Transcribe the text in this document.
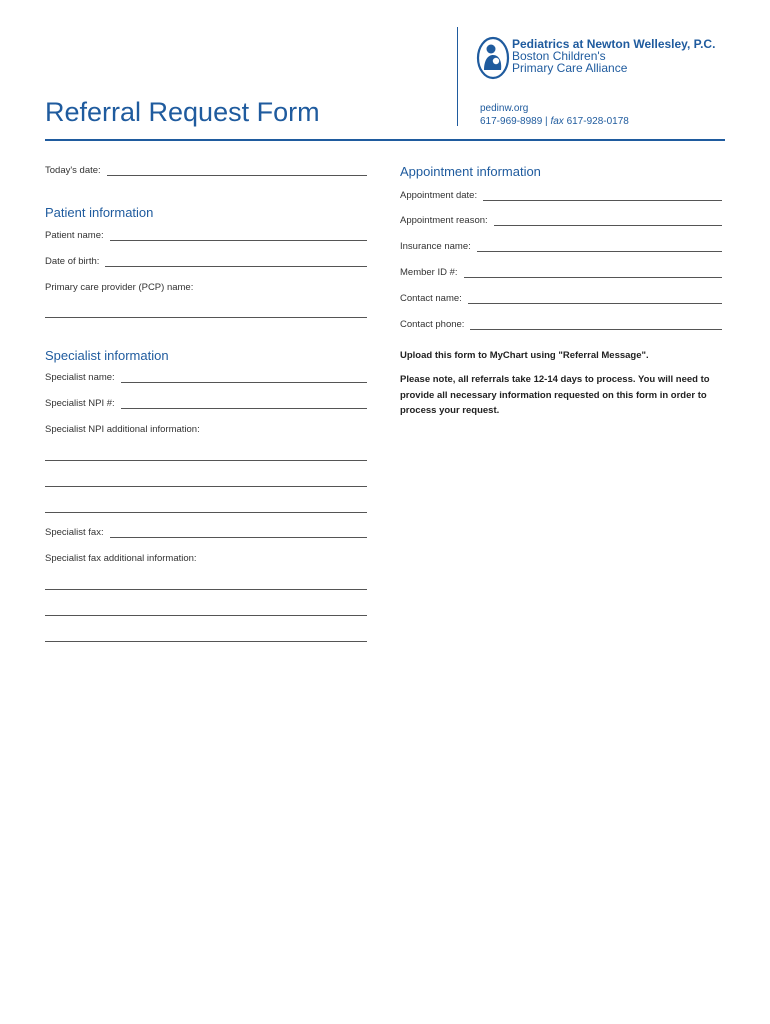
Referral Request Form
Pediatrics at Newton Wellesley, P.C.
Boston Children's
Primary Care Alliance
pedinw.org
617-969-8989 | fax 617-928-0178
Today's date:
Patient information
Patient name:
Date of birth:
Primary care provider (PCP) name:
Specialist information
Specialist name:
Specialist NPI #:
Specialist NPI additional information:
Specialist fax:
Specialist fax additional information:
Appointment information
Appointment date:
Appointment reason:
Insurance name:
Member ID #:
Contact name:
Contact phone:
Upload this form to MyChart using "Referral Message".
Please note, all referrals take 12-14 days to process. You will need to provide all necessary information requested on this form in order to process your request.
